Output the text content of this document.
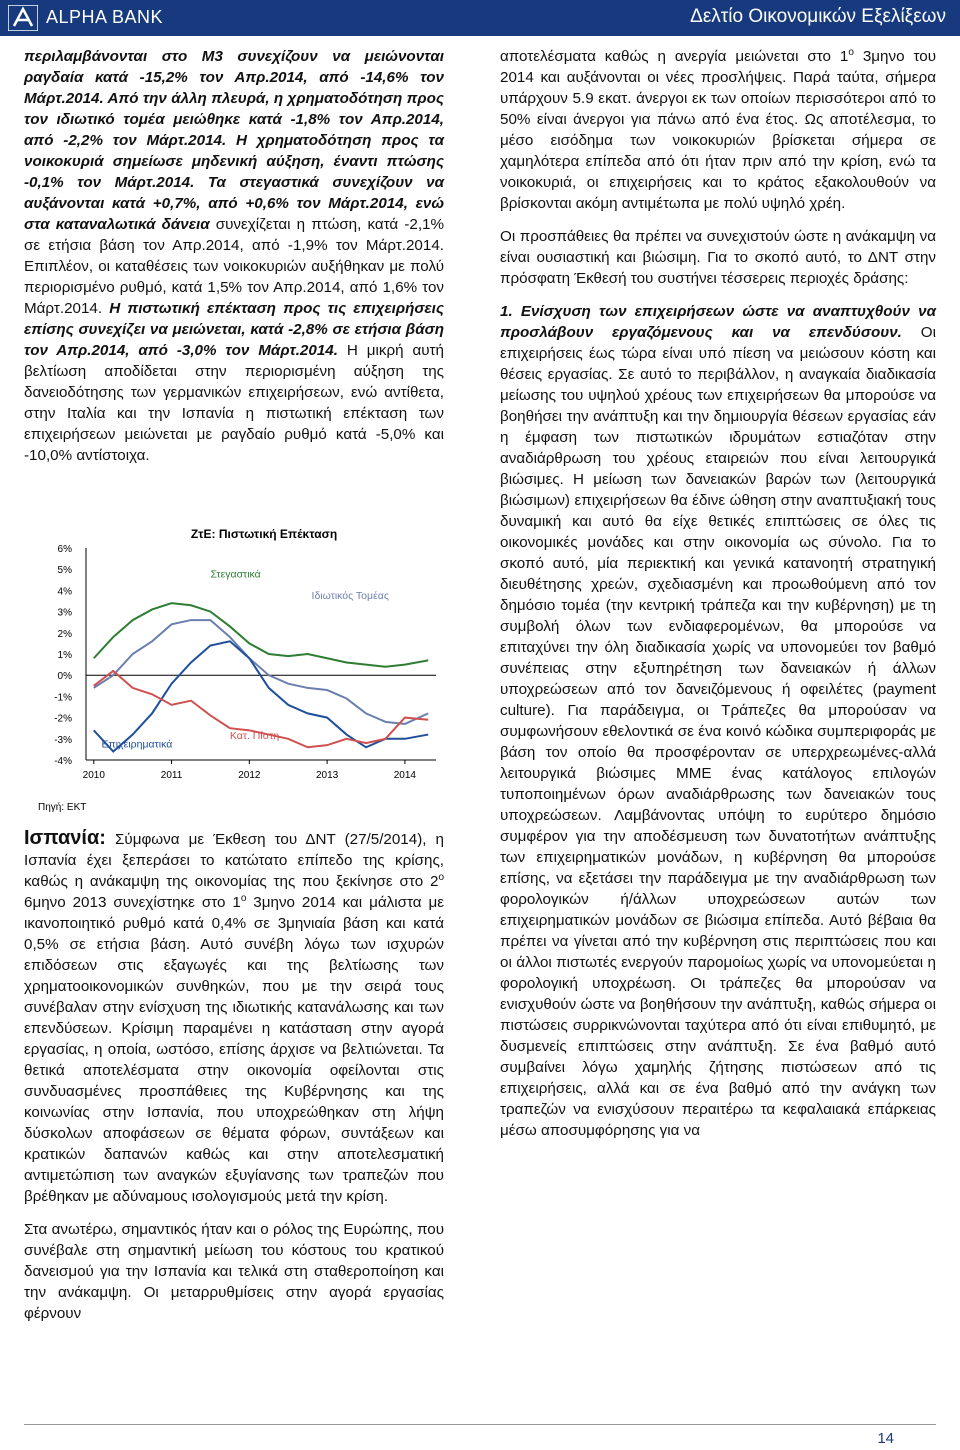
ALPHA BANK	Δελτίο Οικονομικών Εξελίξεων

περιλαμβάνονται στο Μ3 συνεχίζουν να μειώνονται ραγδαία κατά -15,2% τον Απρ.2014, από -14,6% τον Μάρτ.2014. Από την άλλη πλευρά, η χρηματοδότηση προς τον ιδιωτικό τομέα μειώθηκε κατά -1,8% τον Απρ.2014, από -2,2% τον Μάρτ.2014. Η χρηματοδότηση προς τα νοικοκυριά σημείωσε μηδενική αύξηση, έναντι πτώσης -0,1% τον Μάρτ.2014. Τα στεγαστικά συνεχίζουν να αυξάνονται κατά +0,7%, από +0,6% τον Μάρτ.2014, ενώ στα καταναλωτικά δάνεια συνεχίζεται η πτώση, κατά -2,1% σε ετήσια βάση τον Απρ.2014, από -1,9% τον Μάρτ.2014. Επιπλέον, οι καταθέσεις των νοικοκυριών αυξήθηκαν με πολύ περιορισμένο ρυθμό, κατά 1,5% τον Απρ.2014, από 1,6% τον Μάρτ.2014. Η πιστωτική επέκταση προς τις επιχειρήσεις επίσης συνεχίζει να μειώνεται, κατά -2,8% σε ετήσια βάση τον Απρ.2014, από -3,0% τον Μάρτ.2014. Η μικρή αυτή βελτίωση αποδίδεται στην περιορισμένη αύξηση της δανειοδότησης των γερμανικών επιχειρήσεων, ενώ αντίθετα, στην Ιταλία και την Ισπανία η πιστωτική επέκταση των επιχειρήσεων μειώνεται με ραγδαίο ρυθμό κατά -5,0% και -10,0% αντίστοιχα.

ΖτΕ: Πιστωτική Επέκταση
6%
5%
4%
3%
2%
1%
0%
-1%
-2%
-3%
-4%
2010	2011	2012	2013	2014
Στεγαστικά
Ιδιωτικός Τομέας
Επιχειρηματικά
Κατ. Πίστη
Πηγή: ΕΚΤ

Ισπανία: Σύμφωνα με Έκθεση του ΔΝΤ (27/5/2014), η Ισπανία έχει ξεπεράσει το κατώτατο επίπεδο της κρίσης, καθώς η ανάκαμψη της οικονομίας της που ξεκίνησε στο $2^o$ 6μηνο 2013 συνεχίστηκε στο $1^o$ 3μηνο 2014 και μάλιστα με ικανοποιητικό ρυθμό κατά 0,4% σε 3μηνιαία βάση και κατά 0,5% σε ετήσια βάση. Αυτό συνέβη λόγω των ισχυρών επιδόσεων στις εξαγωγές και της βελτίωσης των χρηματοοικονομικών συνθηκών, που με την σειρά τους συνέβαλαν στην ενίσχυση της ιδιωτικής κατανάλωσης και των επενδύσεων. Κρίσιμη παραμένει η κατάσταση στην αγορά εργασίας, η οποία, ωστόσο, επίσης άρχισε να βελτιώνεται. Τα θετικά αποτελέσματα στην οικονομία οφείλονται στις συνδυασμένες προσπάθειες της Κυβέρνησης και της κοινωνίας στην Ισπανία, που υποχρεώθηκαν στη λήψη δύσκολων αποφάσεων σε θέματα φόρων, συντάξεων και κρατικών δαπανών καθώς και στην αποτελεσματική αντιμετώπιση των αναγκών εξυγίανσης των τραπεζών που βρέθηκαν με αδύναμους ισολογισμούς μετά την κρίση.

Στα ανωτέρω, σημαντικός ήταν και ο ρόλος της Ευρώπης, που συνέβαλε στη σημαντική μείωση του κόστους του κρατικού δανεισμού για την Ισπανία και τελικά στη σταθεροποίηση και την ανάκαμψη. Οι μεταρρυθμίσεις στην αγορά εργασίας φέρνουν

αποτελέσματα καθώς η ανεργία μειώνεται στο $1^o$ 3μηνο του 2014 και αυξάνονται οι νέες προσλήψεις. Παρά ταύτα, σήμερα υπάρχουν 5.9 εκατ. άνεργοι εκ των οποίων περισσότεροι από το 50% είναι άνεργοι για πάνω από ένα έτος. Ως αποτέλεσμα, το μέσο εισόδημα των νοικοκυριών βρίσκεται σήμερα σε χαμηλότερα επίπεδα από ότι ήταν πριν από την κρίση, ενώ τα νοικοκυριά, οι επιχειρήσεις και το κράτος εξακολουθούν να βρίσκονται ακόμη αντιμέτωπα με πολύ υψηλό χρέη.

Οι προσπάθειες θα πρέπει να συνεχιστούν ώστε η ανάκαμψη να είναι ουσιαστική και βιώσιμη. Για το σκοπό αυτό, το ΔΝΤ στην πρόσφατη Έκθεσή του συστήνει τέσσερεις περιοχές δράσης:

1. Ενίσχυση των επιχειρήσεων ώστε να αναπτυχθούν να προσλάβουν εργαζόμενους και να επενδύσουν. Οι επιχειρήσεις έως τώρα είναι υπό πίεση να μειώσουν κόστη και θέσεις εργασίας. Σε αυτό το περιβάλλον, η αναγκαία διαδικασία μείωσης του υψηλού χρέους των επιχειρήσεων θα μπορούσε να βοηθήσει την ανάπτυξη και την δημιουργία θέσεων εργασίας εάν η έμφαση των πιστωτικών ιδρυμάτων εστιαζόταν στην αναδιάρθρωση του χρέους εταιρειών που είναι λειτουργικά βιώσιμες. Η μείωση των δανειακών βαρών των (λειτουργικά βιώσιμων) επιχειρήσεων θα έδινε ώθηση στην αναπτυξιακή τους δυναμική και αυτό θα είχε θετικές επιπτώσεις σε όλες τις οικονομικές μονάδες και στην οικονομία ως σύνολο. Για το σκοπό αυτό, μία περιεκτική και γενικά κατανοητή στρατηγική διευθέτησης χρεών, σχεδιασμένη και προωθούμενη από τον δημόσιο τομέα (την κεντρική τράπεζα και την κυβέρνηση) με τη συμβολή όλων των ενδιαφερομένων, θα μπορούσε να επιταχύνει την όλη διαδικασία χωρίς να υπονομεύει τον βαθμό συνέπειας στην εξυπηρέτηση των δανειακών ή άλλων υποχρεώσεων από τον δανειζόμενους ή οφειλέτες (payment culture). Για παράδειγμα, οι Τράπεζες θα μπορούσαν να συμφωνήσουν εθελοντικά σε ένα κοινό κώδικα συμπεριφοράς με βάση τον οποίο θα προσφέρονταν σε υπερχρεωμένες-αλλά λειτουργικά βιώσιμες ΜΜΕ ένας κατάλογος επιλογών τυποποιημένων όρων αναδιάρθρωσης των δανειακών τους υποχρεώσεων. Λαμβάνοντας υπόψη το ευρύτερο δημόσιο συμφέρον για την αποδέσμευση των δυνατοτήτων ανάπτυξης των επιχειρηματικών μονάδων, η κυβέρνηση θα μπορούσε επίσης, να εξετάσει την παράδειγμα με την αναδιάρθρωση των φορολογικών ή/άλλων υποχρεώσεων αυτών των επιχειρηματικών μονάδων σε βιώσιμα επίπεδα. Αυτό βέβαια θα πρέπει να γίνεται από την κυβέρνηση στις περιπτώσεις που και οι άλλοι πιστωτές ενεργούν παρομοίως χωρίς να υπονομεύεται η φορολογική υποχρέωση. Οι τράπεζες θα μπορούσαν να ενισχυθούν ώστε να βοηθήσουν την ανάπτυξη, καθώς σήμερα οι πιστώσεις συρρικνώνονται ταχύτερα από ότι είναι επιθυμητό, με δυσμενείς επιπτώσεις στην ανάπτυξη. Σε ένα βαθμό αυτό συμβαίνει λόγω χαμηλής ζήτησης πιστώσεων από τις επιχειρήσεις, αλλά και σε ένα βαθμό από την ανάγκη των τραπεζών να ενισχύσουν περαιτέρω τα κεφαλαιακά επάρκειας μέσω αποσυμφόρησης για να

14
